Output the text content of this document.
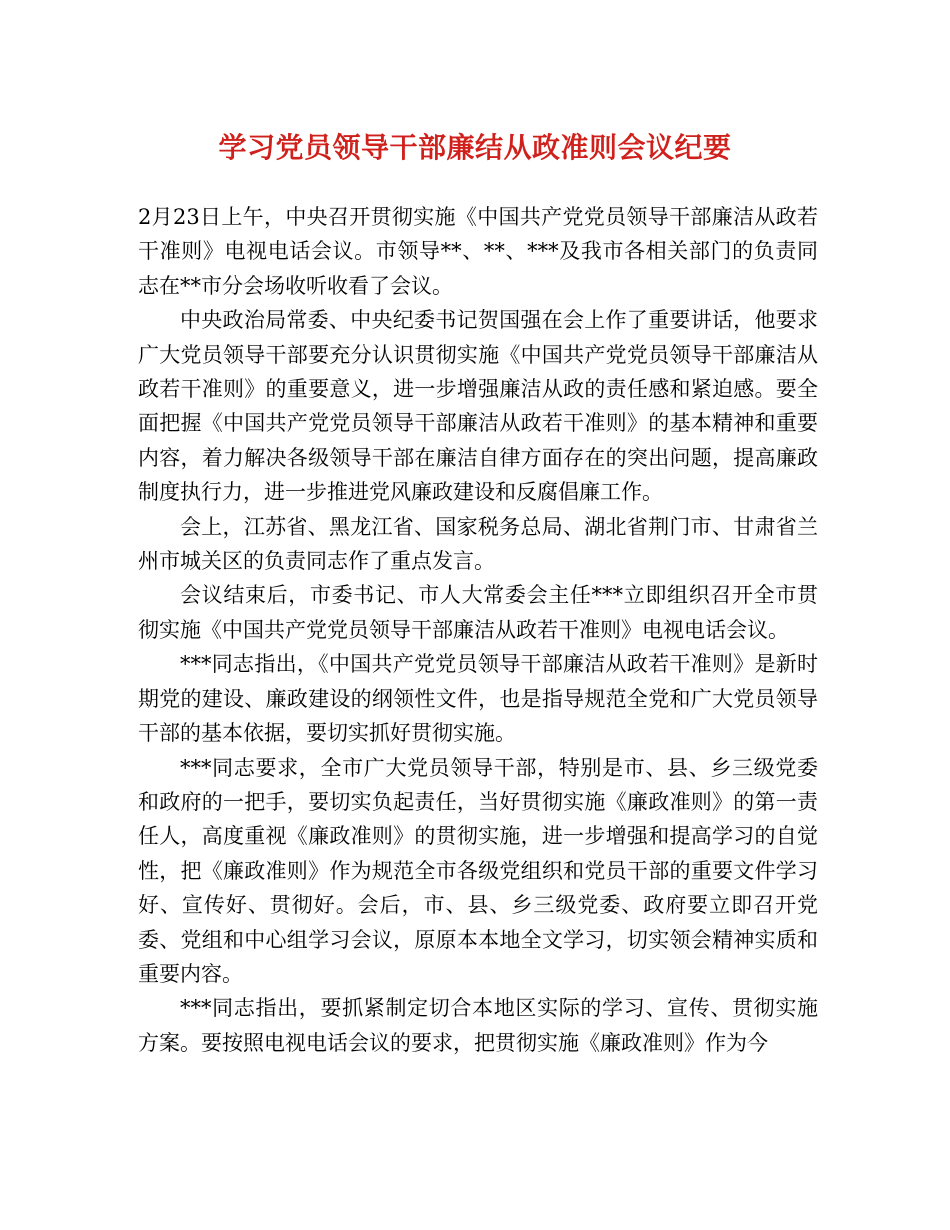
学习党员领导干部廉结从政准则会议纪要

2月23日上午，中央召开贯彻实施《中国共产党党员领导干部廉洁从政若干准则》电视电话会议。市领导**、**、***及我市各相关部门的负责同志在**市分会场收听收看了会议。

中央政治局常委、中央纪委书记贺国强在会上作了重要讲话，他要求广大党员领导干部要充分认识贯彻实施《中国共产党党员领导干部廉洁从政若干准则》的重要意义，进一步增强廉洁从政的责任感和紧迫感。要全面把握《中国共产党党员领导干部廉洁从政若干准则》的基本精神和重要内容，着力解决各级领导干部在廉洁自律方面存在的突出问题，提高廉政制度执行力，进一步推进党风廉政建设和反腐倡廉工作。

会上，江苏省、黑龙江省、国家税务总局、湖北省荆门市、甘肃省兰州市城关区的负责同志作了重点发言。

会议结束后，市委书记、市人大常委会主任***立即组织召开全市贯彻实施《中国共产党党员领导干部廉洁从政若干准则》电视电话会议。

***同志指出，《中国共产党党员领导干部廉洁从政若干准则》是新时期党的建设、廉政建设的纲领性文件，也是指导规范全党和广大党员领导干部的基本依据，要切实抓好贯彻实施。

***同志要求，全市广大党员领导干部，特别是市、县、乡三级党委和政府的一把手，要切实负起责任，当好贯彻实施《廉政准则》的第一责任人，高度重视《廉政准则》的贯彻实施，进一步增强和提高学习的自觉性，把《廉政准则》作为规范全市各级党组织和党员干部的重要文件学习好、宣传好、贯彻好。会后，市、县、乡三级党委、政府要立即召开党委、党组和中心组学习会议，原原本本地全文学习，切实领会精神实质和重要内容。

***同志指出，要抓紧制定切合本地区实际的学习、宣传、贯彻实施方案。要按照电视电话会议的要求，把贯彻实施《廉政准则》作为今
